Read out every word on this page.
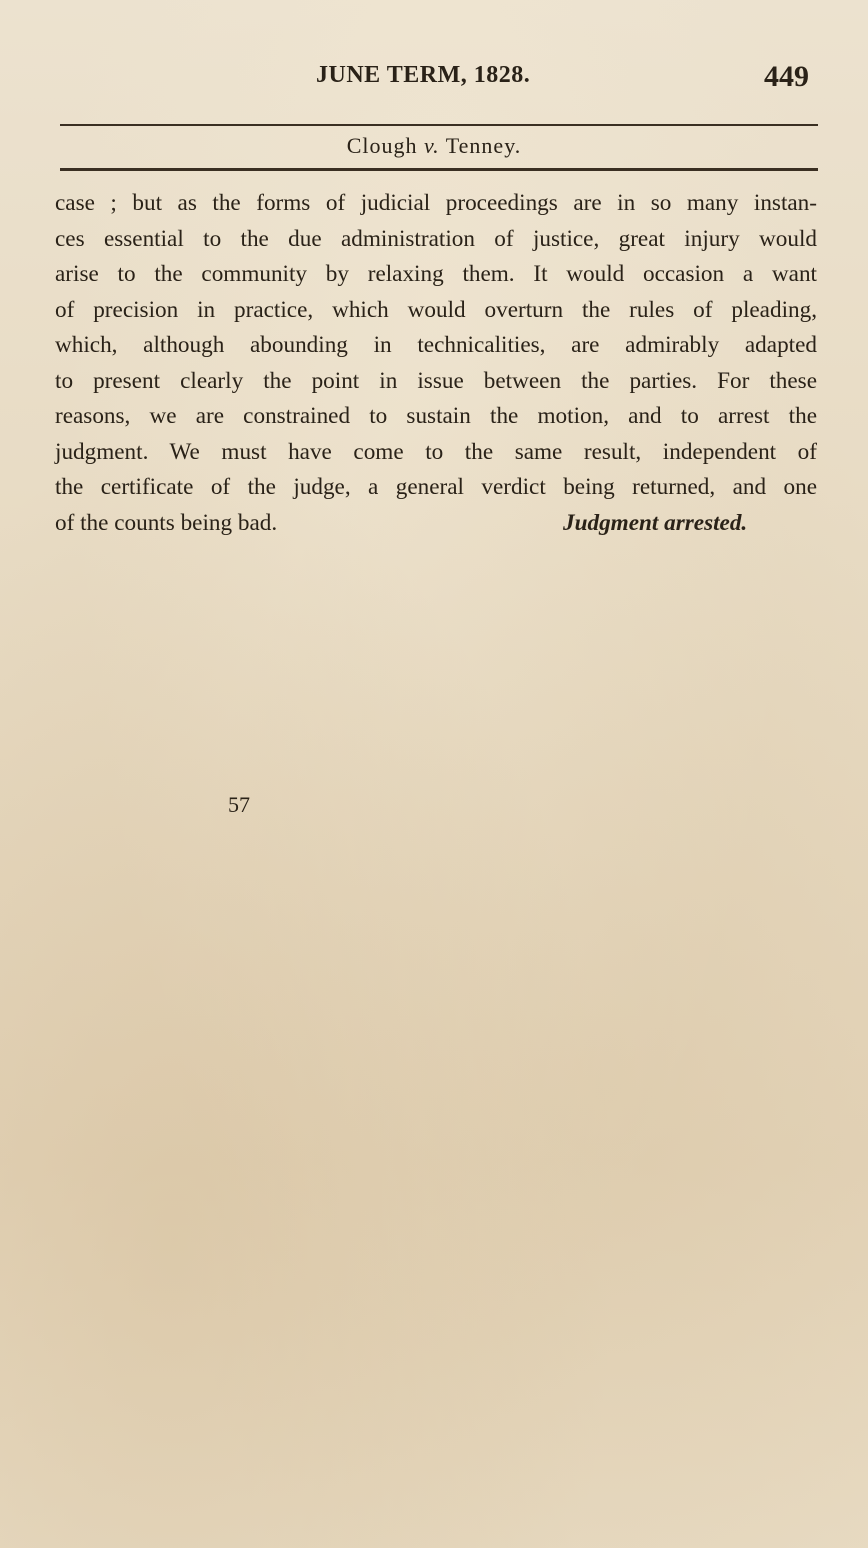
JUNE TERM, 1828.	449
Clough v. Tenney.
case ; but as the forms of judicial proceedings are in so many instan-
ces essential to the due administration of justice, great injury would
arise to the community by relaxing them. It would occasion a want
of precision in practice, which would overturn the rules of pleading,
which, although abounding in technicalities, are admirably adapted
to present clearly the point in issue between the parties. For these
reasons, we are constrained to sustain the motion, and to arrest the
judgment. We must have come to the same result, independent of
the certificate of the judge, a general verdict being returned, and one
of the counts being bad.	Judgment arrested.
57
